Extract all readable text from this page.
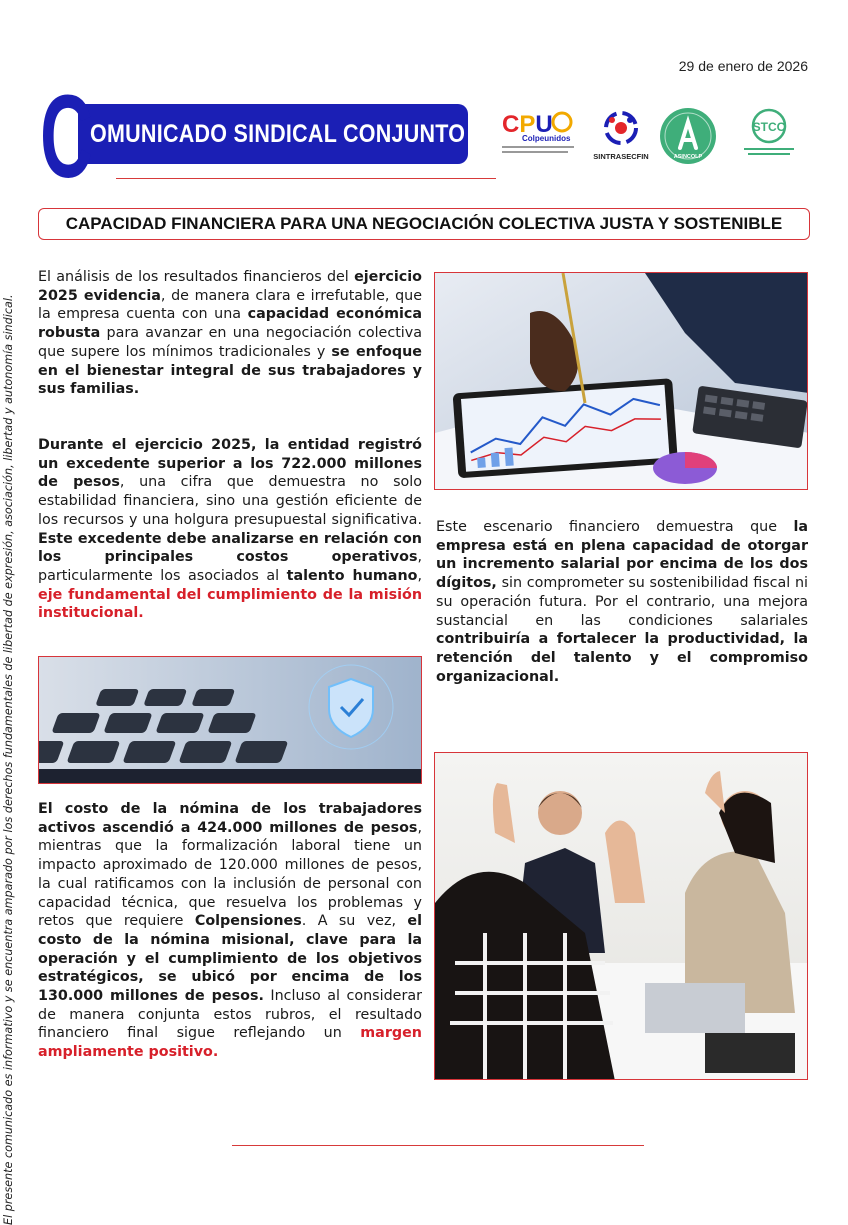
El presente comunicado es informativo y se encuentra amparado por los derechos fundamentales de libertad de expresión, asociación, libertad y autonomía sindical.
29 de enero de 2026
OMUNICADO SINDICAL CONJUNTO
C	CPU
Colpeunidos
SINTRASECFIN	ASINCOLP
STCC
CAPACIDAD FINANCIERA PARA UNA NEGOCIACIÓN COLECTIVA JUSTA Y SOSTENIBLE
El análisis de los resultados financieros del ejercicio 2025 evidencia, de manera clara e irrefutable, que la empresa cuenta con una capacidad económica robusta para avanzar en una negociación colectiva que supere los mínimos tradicionales y se enfoque en el bienestar integral de sus trabajadores y sus familias.
Durante el ejercicio 2025, la entidad registró un excedente superior a los 722.000 millones de pesos, una cifra que demuestra no solo estabilidad financiera, sino una gestión eficiente de los recursos y una holgura presupuestal significativa. Este excedente debe analizarse en relación con los principales costos operativos, particularmente los asociados al talento humano, eje fundamental del cumplimiento de la misión institucional.
Este escenario financiero demuestra que la empresa está en plena capacidad de otorgar un incremento salarial por encima de los dos dígitos, sin comprometer su sostenibilidad fiscal ni su operación futura. Por el contrario, una mejora sustancial en las condiciones salariales contribuiría a fortalecer la productividad, la retención del talento y el compromiso organizacional.
El costo de la nómina de los trabajadores activos ascendió a 424.000 millones de pesos, mientras que la formalización laboral tiene un impacto aproximado de 120.000 millones de pesos, la cual ratificamos con la inclusión de personal con capacidad técnica, que resuelva los problemas y retos que requiere Colpensiones. A su vez, el costo de la nómina misional, clave para la operación y el cumplimiento de los objetivos estratégicos, se ubicó por encima de los 130.000 millones de pesos. Incluso al considerar de manera conjunta estos rubros, el resultado financiero final sigue reflejando un margen ampliamente positivo.
